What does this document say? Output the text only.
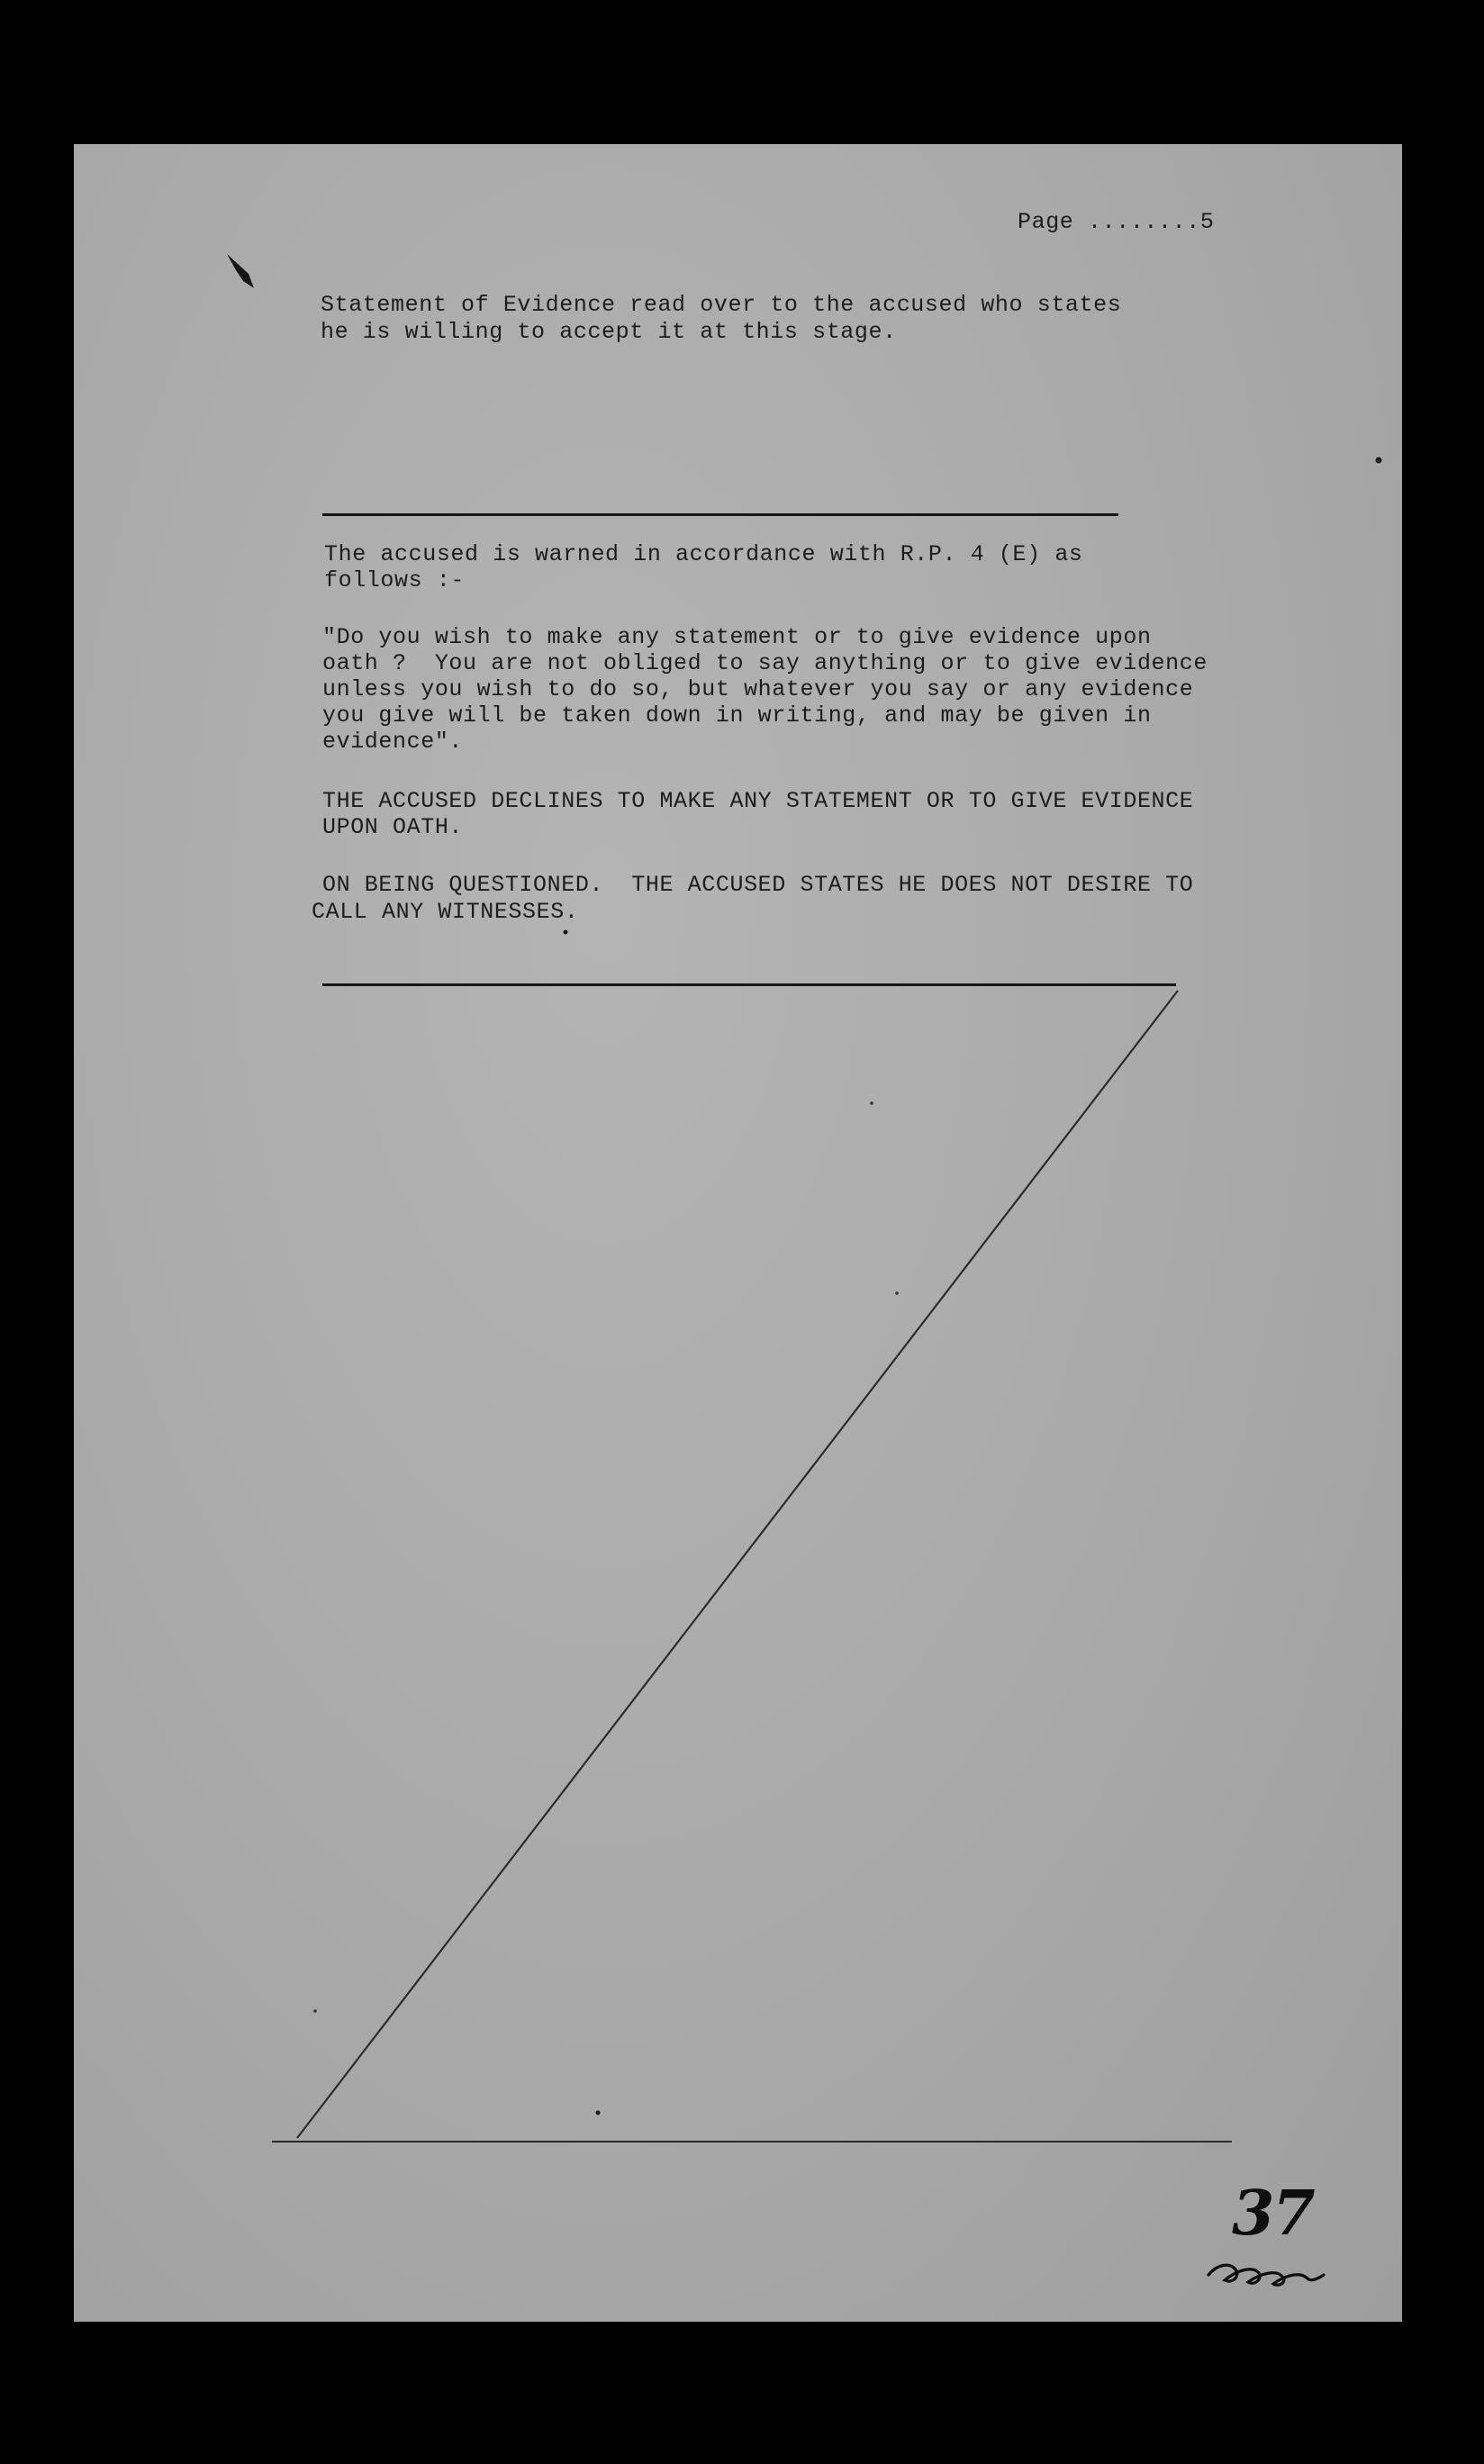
Page ........5
Statement of Evidence read over to the accused who states
he is willing to accept it at this stage.
The accused is warned in accordance with R.P. 4 (E) as
follows :-
"Do you wish to make any statement or to give evidence upon
oath ?  You are not obliged to say anything or to give evidence
unless you wish to do so, but whatever you say or any evidence
you give will be taken down in writing, and may be given in
evidence".
THE ACCUSED DECLINES TO MAKE ANY STATEMENT OR TO GIVE EVIDENCE
UPON OATH.
ON BEING QUESTIONED.  THE ACCUSED STATES HE DOES NOT DESIRE TO
CALL ANY WITNESSES.
37
